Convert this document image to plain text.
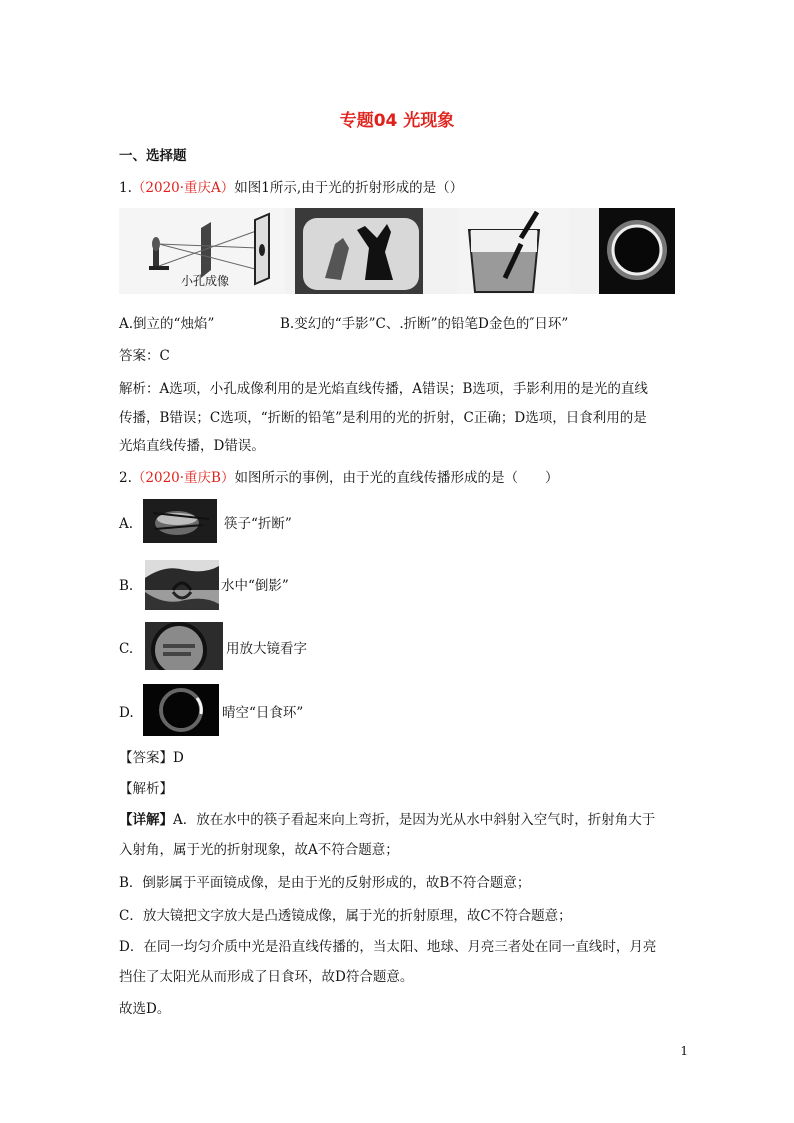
专题04 光现象
一、选择题
1.（2020·重庆A）如图1所示,由于光的折射形成的是（）
小孔成像
A.倒立的“烛焰”	B.变幻的“手影”C、.折断”的铅笔D金色的″日环”
答案：C
解析：A选项，小孔成像利用的是光焰直线传播，A错误；B选项，手影利用的是光的直线
传播，B错误；C选项，“折断的铅笔”是利用的光的折射，C正确；D选项，日食利用的是
光焰直线传播，D错误。
2.（2020·重庆B）如图所示的事例，由于光的直线传播形成的是（　　）
A.	筷子“折断”
B.	水中“倒影”
C.	用放大镜看字
D.	晴空“日食环”
【答案】D
【解析】
【详解】A．放在水中的筷子看起来向上弯折，是因为光从水中斜射入空气时，折射角大于
入射角，属于光的折射现象，故A不符合题意；
B．倒影属于平面镜成像，是由于光的反射形成的，故B不符合题意；
C．放大镜把文字放大是凸透镜成像，属于光的折射原理，故C不符合题意；
D．在同一均匀介质中光是沿直线传播的，当太阳、地球、月亮三者处在同一直线时，月亮
挡住了太阳光从而形成了日食环，故D符合题意。
故选D。
1
